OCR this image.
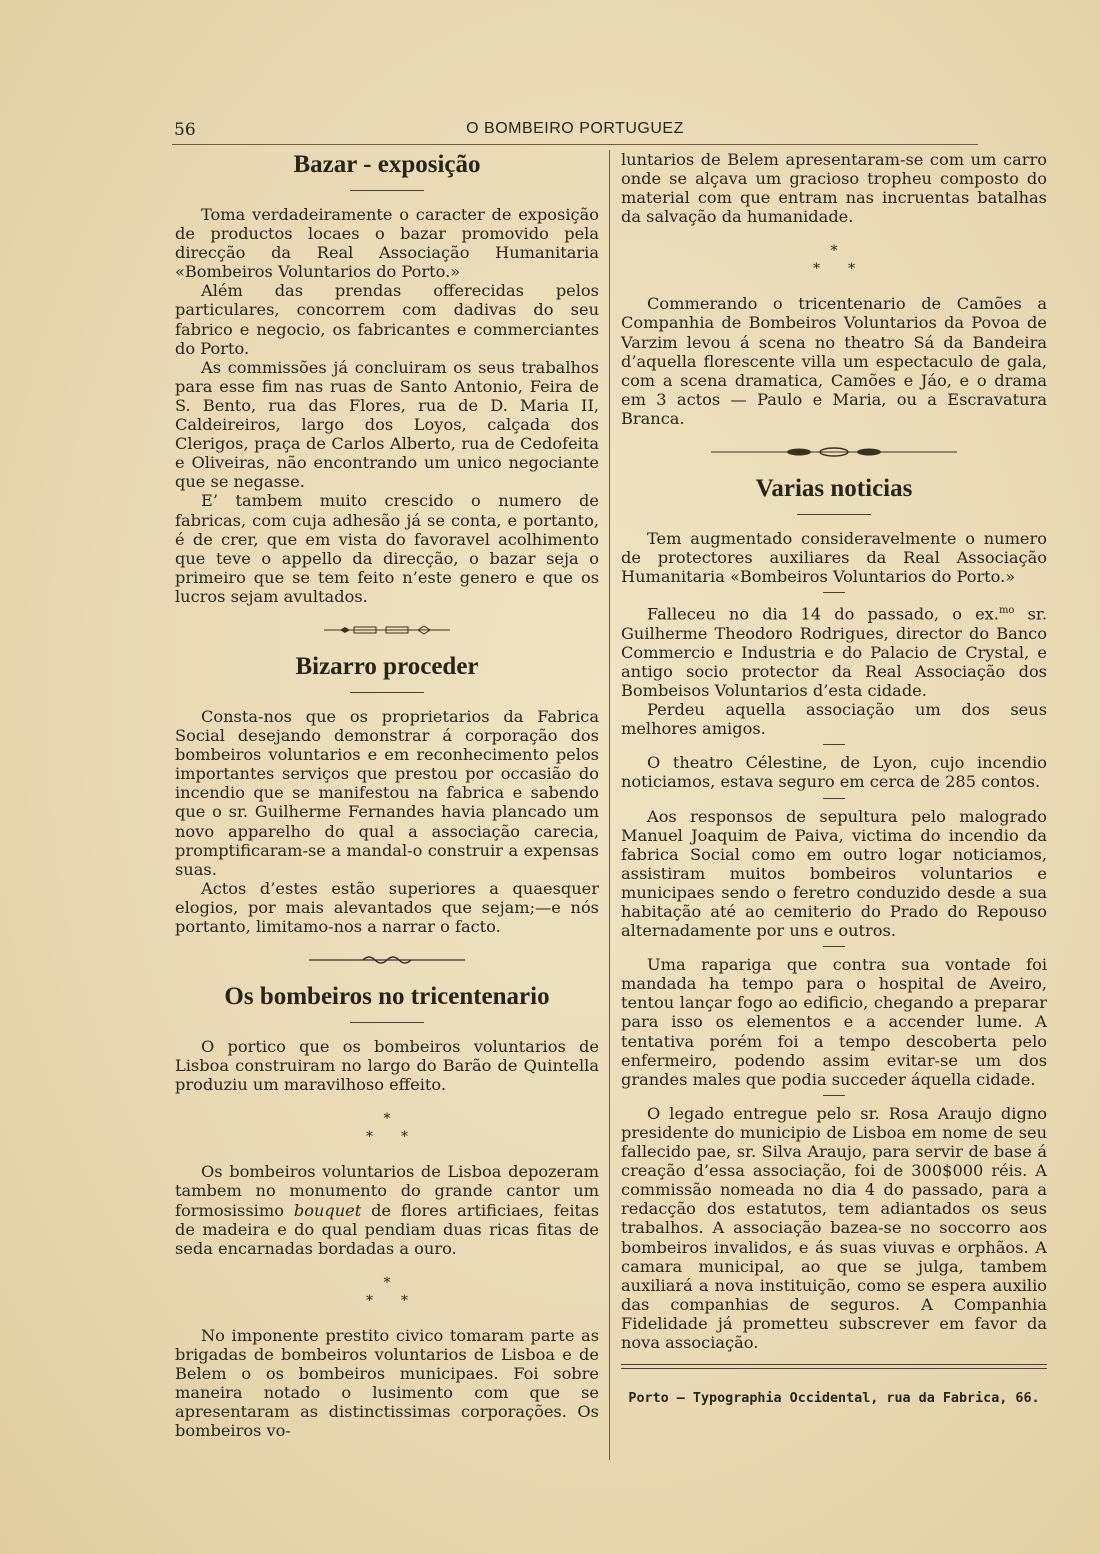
56	O BOMBEIRO PORTUGUEZ
Bazar - exposição

Toma verdadeiramente o caracter de exposição de productos locaes o bazar promovido pela direcção da Real Associação Humanitaria «Bombeiros Voluntarios do Porto.»

Além das prendas offerecidas pelos particulares, concorrem com dadivas do seu fabrico e negocio, os fabricantes e commerciantes do Porto.

As commissões já concluiram os seus trabalhos para esse fim nas ruas de Santo Antonio, Feira de S. Bento, rua das Flores, rua de D. Maria II, Caldeireiros, largo dos Loyos, calçada dos Clerigos, praça de Carlos Alberto, rua de Cedofeita e Oliveiras, não encontrando um unico negociante que se negasse.

E’ tambem muito crescido o numero de fabricas, com cuja adhesão já se conta, e portanto, é de crer, que em vista do favoravel acolhimento que teve o appello da direcção, o bazar seja o primeiro que se tem feito n’este genero e que os lucros sejam avultados.

Bizarro proceder

Consta-nos que os proprietarios da Fabrica Social desejando demonstrar á corporação dos bombeiros voluntarios e em reconhecimento pelos importantes serviços que prestou por occasião do incendio que se manifestou na fabrica e sabendo que o sr. Guilherme Fernandes havia plancado um novo apparelho do qual a associação carecia, promptificaram-se a mandal-o construir a expensas suas.

Actos d’estes estão superiores a quaesquer elogios, por mais alevantados que sejam;—e nós portanto, limitamo-nos a narrar o facto.

Os bombeiros no tricentenario

O portico que os bombeiros voluntarios de Lisboa construiram no largo do Barão de Quintella produziu um maravilhoso effeito.

*
*   *

Os bombeiros voluntarios de Lisboa depozeram tambem no monumento do grande cantor um formosissimo bouquet de flores artificiaes, feitas de madeira e do qual pendiam duas ricas fitas de seda encarnadas bordadas a ouro.

*
*   *

No imponente prestito civico tomaram parte as brigadas de bombeiros voluntarios de Lisboa e de Belem o os bombeiros municipaes. Foi sobre maneira notado o lusimento com que se apresentaram as distinctissimas corporações. Os bombeiros vo-

luntarios de Belem apresentaram-se com um carro onde se alçava um gracioso tropheu composto do material com que entram nas incruentas batalhas da salvação da humanidade.

*
*   *

Commerando o tricentenario de Camões a Companhia de Bombeiros Voluntarios da Povoa de Varzim levou á scena no theatro Sá da Bandeira d’aquella florescente villa um espectaculo de gala, com a scena dramatica, Camões e Jáo, e o drama em 3 actos — Paulo e Maria, ou a Escravatura Branca.

Varias noticias

Tem augmentado consideravelmente o numero de protectores auxiliares da Real Associação Humanitaria «Bombeiros Voluntarios do Porto.»

Falleceu no dia 14 do passado, o ex.$^{mo}$ sr. Guilherme Theodoro Rodrigues, director do Banco Commercio e Industria e do Palacio de Crystal, e antigo socio protector da Real Associação dos Bombeisos Voluntarios d’esta cidade.

Perdeu aquella associação um dos seus melhores amigos.

O theatro Célestine, de Lyon, cujo incendio noticiamos, estava seguro em cerca de 285 contos.

Aos responsos de sepultura pelo malogrado Manuel Joaquim de Paiva, victima do incendio da fabrica Social como em outro logar noticiamos, assistiram muitos bombeiros voluntarios e municipaes sendo o feretro conduzido desde a sua habitação até ao cemiterio do Prado do Repouso alternadamente por uns e outros.

Uma rapariga que contra sua vontade foi mandada ha tempo para o hospital de Aveiro, tentou lançar fogo ao edificio, chegando a preparar para isso os elementos e a accender lume. A tentativa porém foi a tempo descoberta pelo enfermeiro, podendo assim evitar-se um dos grandes males que podia succeder áquella cidade.

O legado entregue pelo sr. Rosa Araujo digno presidente do municipio de Lisboa em nome de seu fallecido pae, sr. Silva Araujo, para servir de base á creação d’essa associação, foi de 300$000 réis. A commissão nomeada no dia 4 do passado, para a redacção dos estatutos, tem adiantados os seus trabalhos. A associação bazea-se no soccorro aos bombeiros invalidos, e ás suas viuvas e orphãos. A camara municipal, ao que se julga, tambem auxiliará a nova instituição, como se espera auxilio das companhias de seguros. A Companhia Fidelidade já prometteu subscrever em favor da nova associação.

Porto — Typographia Occidental, rua da Fabrica, 66.
